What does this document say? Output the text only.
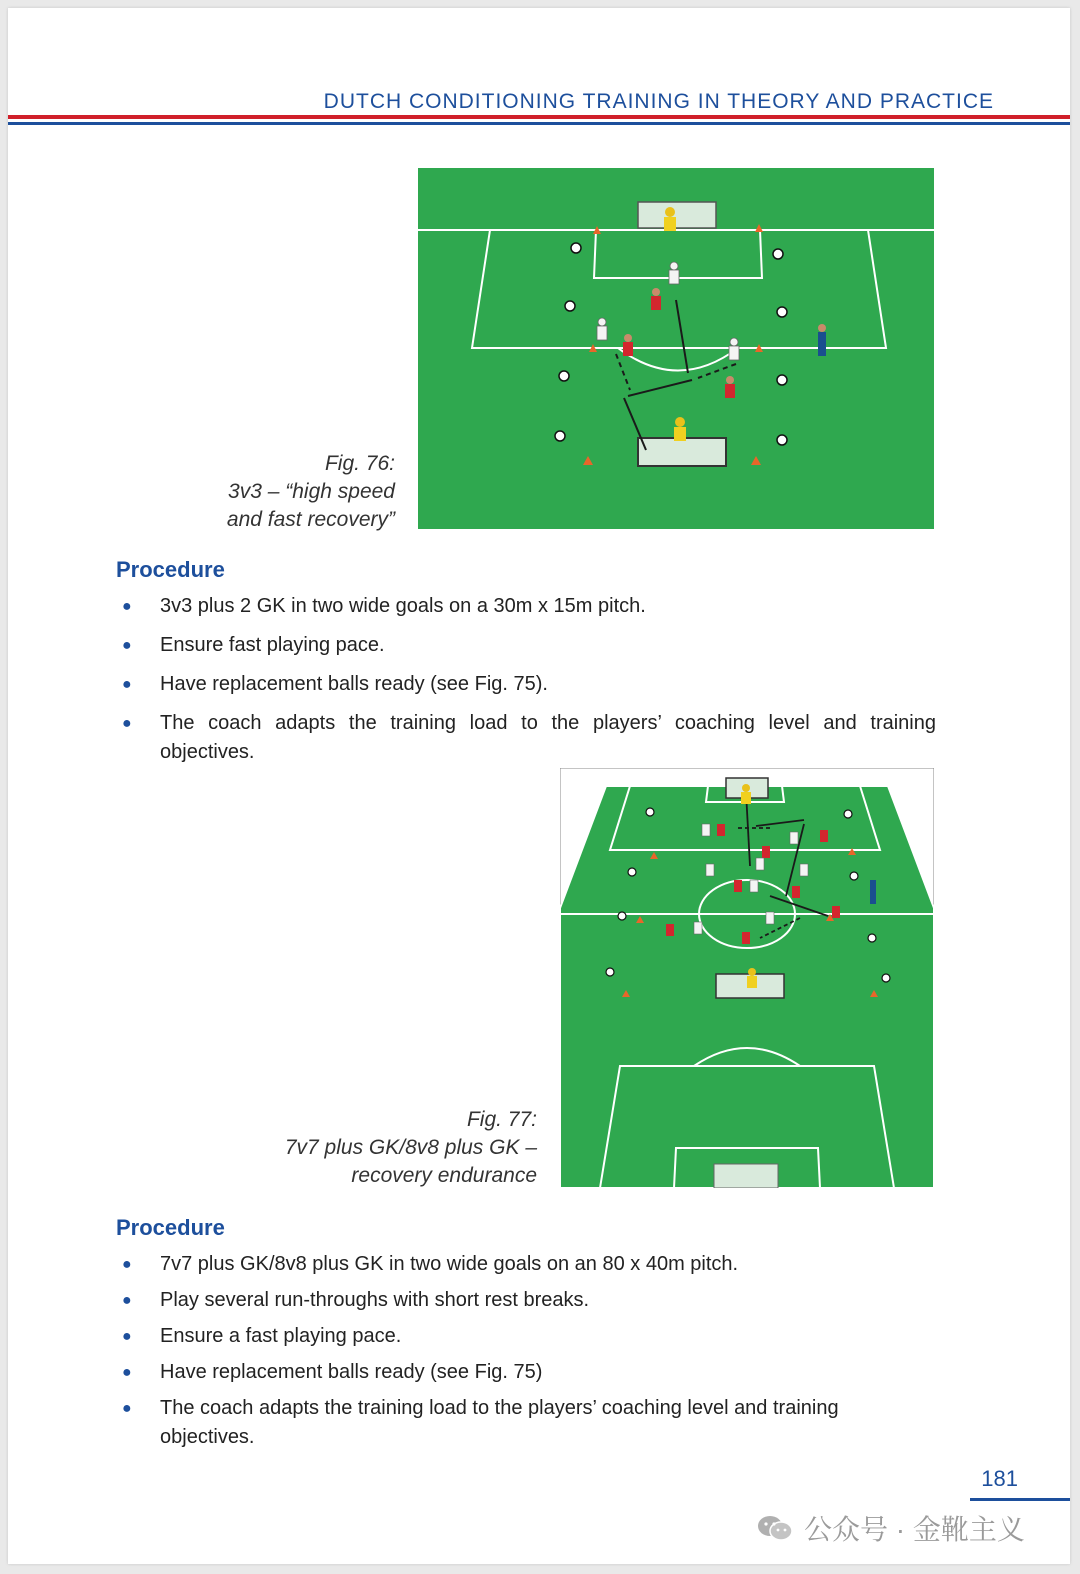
DUTCH CONDITIONING TRAINING IN THEORY AND PRACTICE
Fig. 76:
3v3 – “high speed
and fast recovery”
Procedure
● 3v3 plus 2 GK in two wide goals on a 30m x 15m pitch.
● Ensure fast playing pace.
● Have replacement balls ready (see Fig. 75).
● The coach adapts the training load to the players’ coaching level and training objectives.
Fig. 77:
7v7 plus GK/8v8 plus GK –
recovery endurance
Procedure
● 7v7 plus GK/8v8 plus GK in two wide goals on an 80 x 40m pitch.
● Play several run-throughs with short rest breaks.
● Ensure a fast playing pace.
● Have replacement balls ready (see Fig. 75)
● The coach adapts the training load to the players’ coaching level and training objectives.
181
公众号 · 金靴主义
